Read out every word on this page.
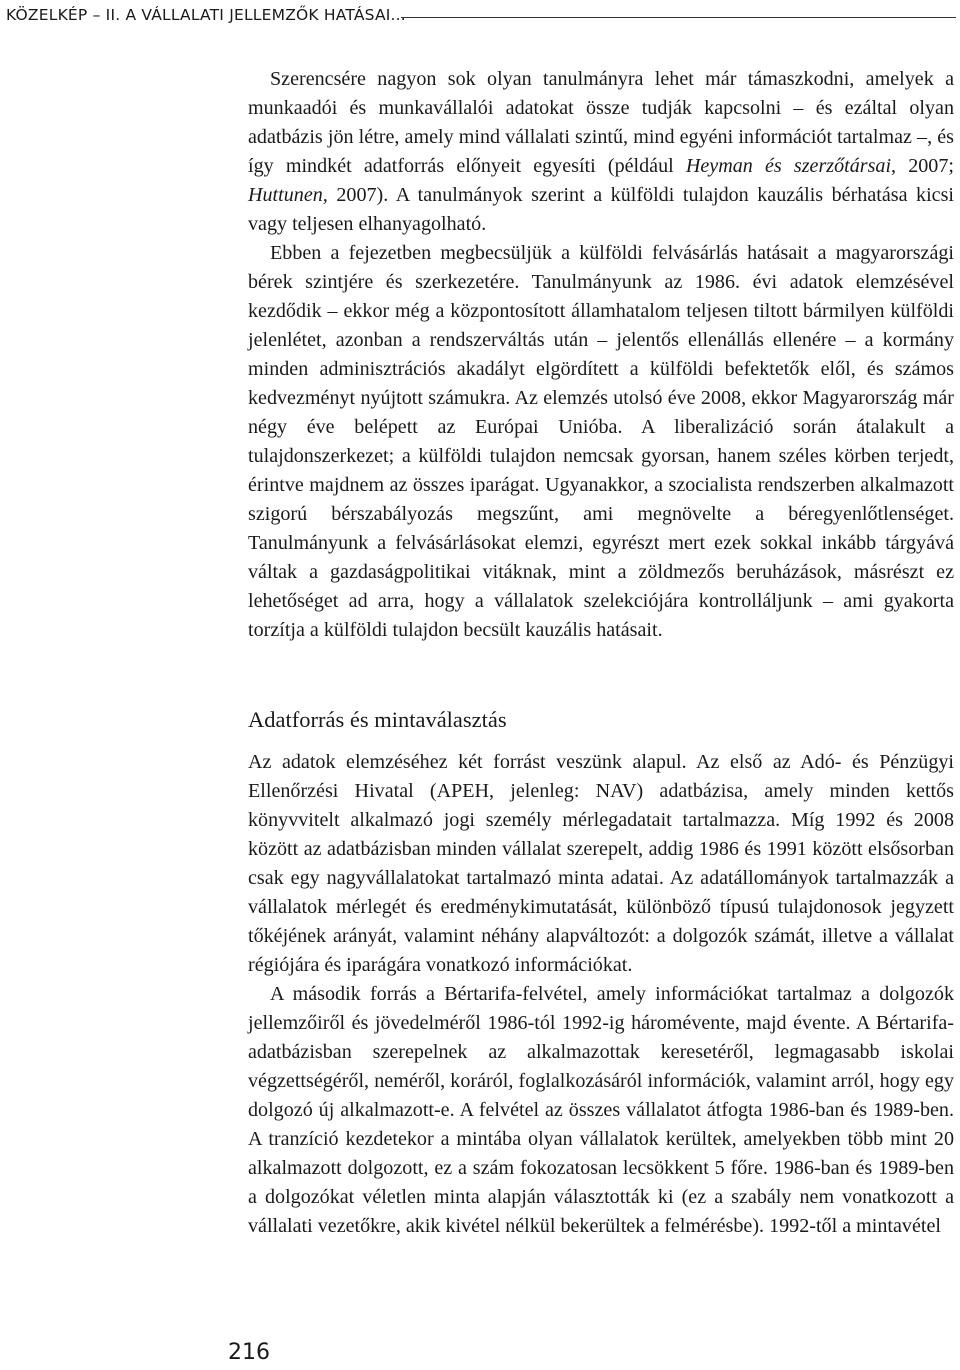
KÖZELKÉP – II. A VÁLLALATI JELLEMZŐK HATÁSAI...

Szerencsére nagyon sok olyan tanulmányra lehet már támaszkodni, amelyek a munkaadói és munkavállalói adatokat össze tudják kapcsolni – és ezáltal olyan adatbázis jön létre, amely mind vállalati szintű, mind egyéni információt tartalmaz –, és így mindkét adatforrás előnyeit egyesíti (például Heyman és szerzőtársai, 2007; Huttunen, 2007). A tanulmányok szerint a külföldi tulajdon kauzális bérhatása kicsi vagy teljesen elhanyagolható.

Ebben a fejezetben megbecsüljük a külföldi felvásárlás hatásait a magyarországi bérek szintjére és szerkezetére. Tanulmányunk az 1986. évi adatok elemzésével kezdődik – ekkor még a központosított államhatalom teljesen tiltott bármilyen külföldi jelenlétet, azonban a rendszerváltás után – jelentős ellenállás ellenére – a kormány minden adminisztrációs akadályt elgördített a külföldi befektetők elől, és számos kedvezményt nyújtott számukra. Az elemzés utolsó éve 2008, ekkor Magyarország már négy éve belépett az Európai Unióba. A liberalizáció során átalakult a tulajdonszerkezet; a külföldi tulajdon nemcsak gyorsan, hanem széles körben terjedt, érintve majdnem az összes iparágat. Ugyanakkor, a szocialista rendszerben alkalmazott szigorú bérszabályozás megszűnt, ami megnövelte a béregyenlőtlenséget. Tanulmányunk a felvásárlásokat elemzi, egyrészt mert ezek sokkal inkább tárgyává váltak a gazdaságpolitikai vitáknak, mint a zöldmezős beruházások, másrészt ez lehetőséget ad arra, hogy a vállalatok szelekciójára kontrolláljunk – ami gyakorta torzítja a külföldi tulajdon becsült kauzális hatásait.

Adatforrás és mintaválasztás

Az adatok elemzéséhez két forrást veszünk alapul. Az első az Adó- és Pénzügyi Ellenőrzési Hivatal (APEH, jelenleg: NAV) adatbázisa, amely minden kettős könyvvitelt alkalmazó jogi személy mérlegadatait tartalmazza. Míg 1992 és 2008 között az adatbázisban minden vállalat szerepelt, addig 1986 és 1991 között elsősorban csak egy nagyvállalatokat tartalmazó minta adatai. Az adatállományok tartalmazzák a vállalatok mérlegét és eredménykimutatását, különböző típusú tulajdonosok jegyzett tőkéjének arányát, valamint néhány alapváltozót: a dolgozók számát, illetve a vállalat régiójára és iparágára vonatkozó információkat.

A második forrás a Bértarifa-felvétel, amely információkat tartalmaz a dolgozók jellemzőiről és jövedelméről 1986-tól 1992-ig háromévente, majd évente. A Bértarifa-adatbázisban szerepelnek az alkalmazottak keresetéről, legmagasabb iskolai végzettségéről, neméről, koráról, foglalkozásáról információk, valamint arról, hogy egy dolgozó új alkalmazott-e. A felvétel az összes vállalatot átfogta 1986-ban és 1989-ben. A tranzíció kezdetekor a mintába olyan vállalatok kerültek, amelyekben több mint 20 alkalmazott dolgozott, ez a szám fokozatosan lecsökkent 5 főre. 1986-ban és 1989-ben a dolgozókat véletlen minta alapján választották ki (ez a szabály nem vonatkozott a vállalati vezetőkre, akik kivétel nélkül bekerültek a felmérésbe). 1992-től a mintavétel

216
